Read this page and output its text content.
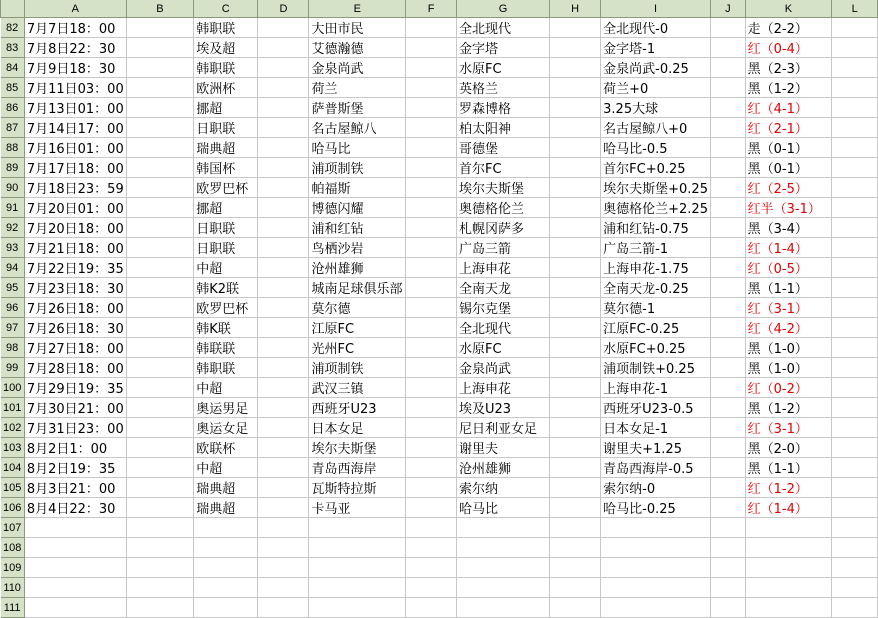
	A	B	C	D	E	F	G	H	I	J	K	L
82	7月7日18：00		韩职联		大田市民		全北现代		全北现代-0		走（2-2）	
83	7月8日22：30		埃及超		艾德瀚德		金字塔		金字塔-1		红（0-4）	
84	7月9日18：30		韩职联		金泉尚武		水原FC		金泉尚武-0.25		黑（2-3）	
85	7月11日03：00		欧洲杯		荷兰		英格兰		荷兰+0		黑（1-2）	
86	7月13日01：00		挪超		萨普斯堡		罗森博格		3.25大球		红（4-1）	
87	7月14日17：00		日职联		名古屋鲸八		柏太阳神		名古屋鲸八+0		红（2-1）	
88	7月16日01：00		瑞典超		哈马比		哥德堡		哈马比-0.5		黑（0-1）	
89	7月17日18：00		韩国杯		浦项制铁		首尔FC		首尔FC+0.25		黑（0-1）	
90	7月18日23：59		欧罗巴杯		帕福斯		埃尔夫斯堡		埃尔夫斯堡+0.25		红（2-5）	
91	7月20日01：00		挪超		博德闪耀		奥德格伦兰		奥德格伦兰+2.25		红半（3-1）	
92	7月20日18：00		日职联		浦和红钻		札幌冈萨多		浦和红钻-0.75		黑（3-4）	
93	7月21日18：00		日职联		鸟栖沙岩		广岛三箭		广岛三箭-1		红（1-4）	
94	7月22日19：35		中超		沧州雄狮		上海申花		上海申花-1.75		红（0-5）	
95	7月23日18：30		韩K2联		城南足球俱乐部		全南天龙		全南天龙-0.25		黑（1-1）	
96	7月26日18：00		欧罗巴杯		莫尔德		锡尔克堡		莫尔德-1		红（3-1）	
97	7月26日18：30		韩K联		江原FC		全北现代		江原FC-0.25		红（4-2）	
98	7月27日18：00		韩联联		光州FC		水原FC		水原FC+0.25		黑（1-0）	
99	7月28日18：00		韩职联		浦项制铁		金泉尚武		浦项制铁+0.25		黑（1-0）	
100	7月29日19：35		中超		武汉三镇		上海申花		上海申花-1		红（0-2）	
101	7月30日21：00		奥运男足		西班牙U23		埃及U23		西班牙U23-0.5		黑（1-2）	
102	7月31日23：00		奥运女足		日本女足		尼日利亚女足		日本女足-1		红（3-1）	
103	8月2日1：00		欧联杯		埃尔夫斯堡		谢里夫		谢里夫+1.25		黑（2-0）	
104	8月2日19：35		中超		青岛西海岸		沧州雄狮		青岛西海岸-0.5		黑（1-1）	
105	8月3日21：00		瑞典超		瓦斯特拉斯		索尔纳		索尔纳-0		红（1-2）	
106	8月4日22：30		瑞典超		卡马亚		哈马比		哈马比-0.25		红（1-4）	
107												
108												
109												
110												
111												
